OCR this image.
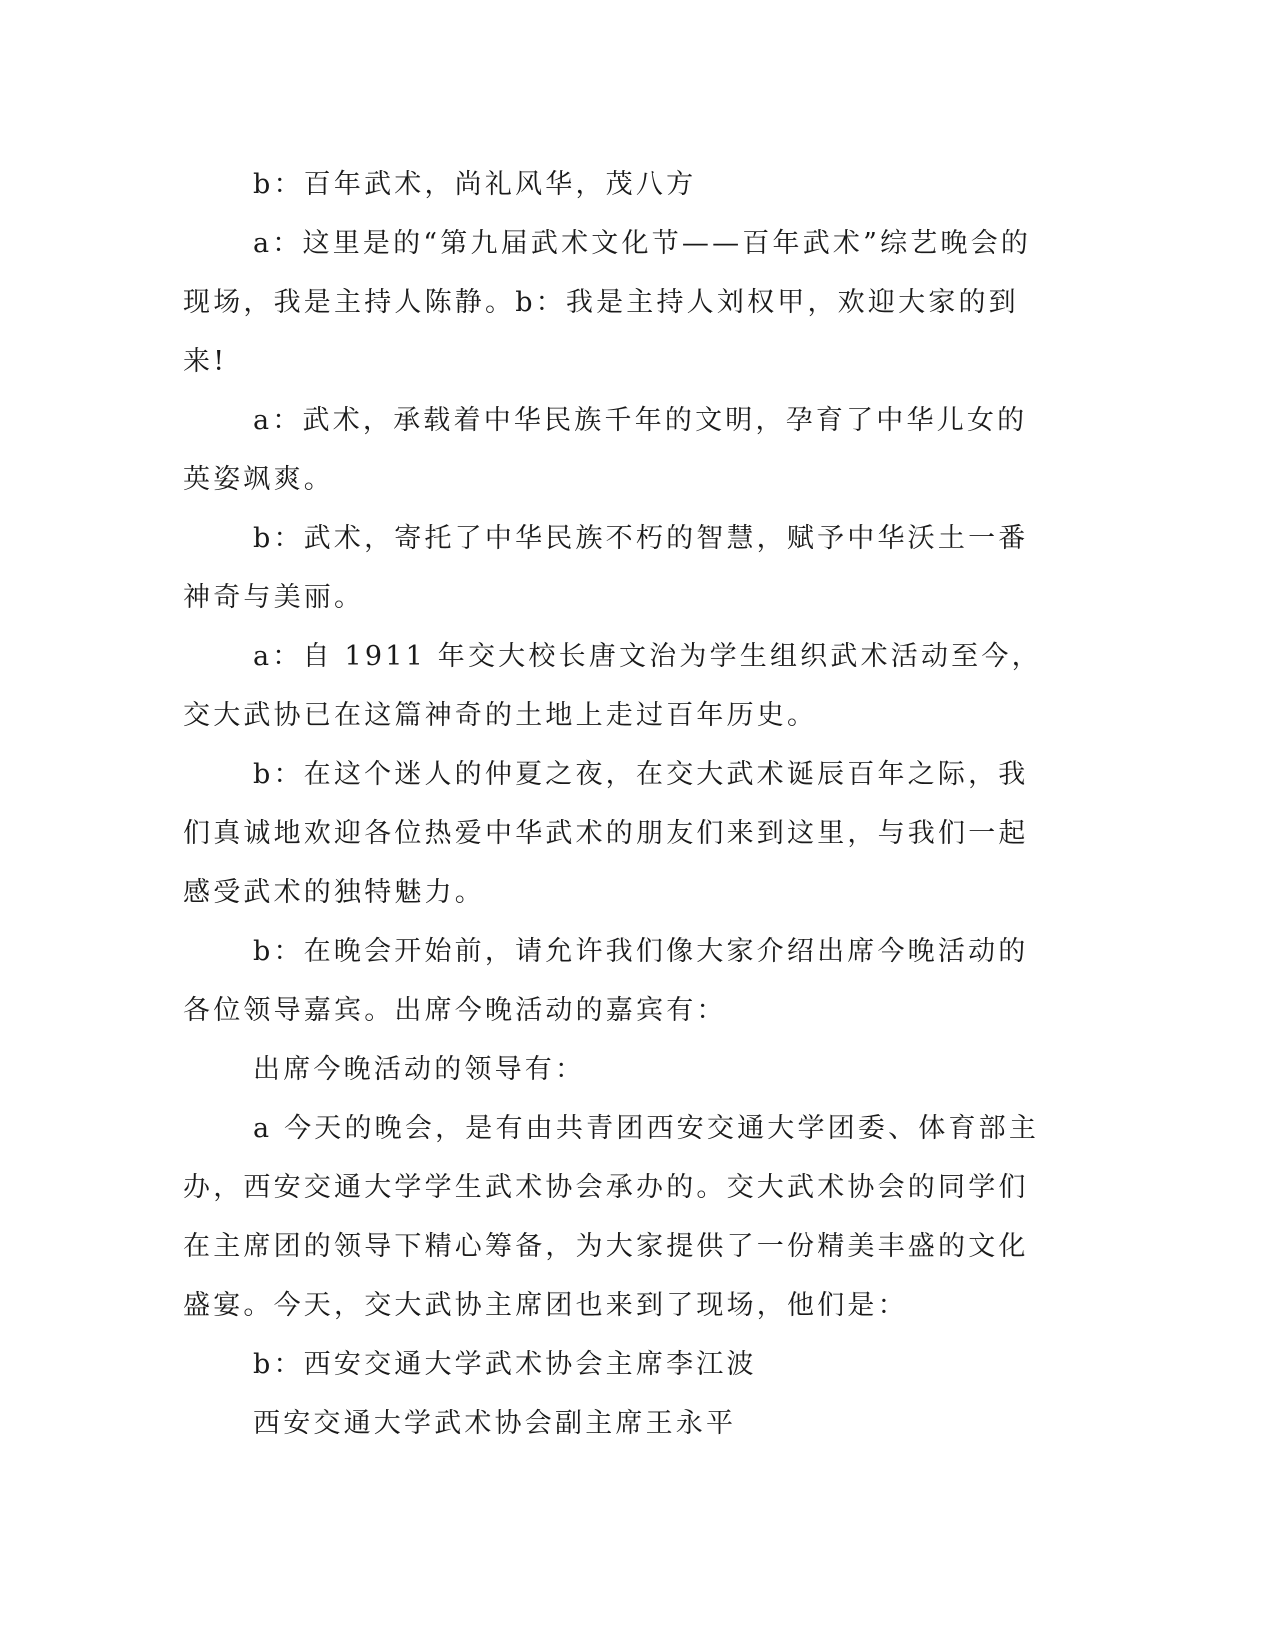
b：百年武术，尚礼风华，茂八方

a：这里是的“第九届武术文化节——百年武术”综艺晚会的现场，我是主持人陈静。b：我是主持人刘权甲，欢迎大家的到来!

a：武术，承载着中华民族千年的文明，孕育了中华儿女的英姿飒爽。

b：武术，寄托了中华民族不朽的智慧，赋予中华沃土一番神奇与美丽。

a：自 1911 年交大校长唐文治为学生组织武术活动至今，交大武协已在这篇神奇的土地上走过百年历史。

b：在这个迷人的仲夏之夜，在交大武术诞辰百年之际，我们真诚地欢迎各位热爱中华武术的朋友们来到这里，与我们一起感受武术的独特魅力。

b：在晚会开始前，请允许我们像大家介绍出席今晚活动的各位领导嘉宾。出席今晚活动的嘉宾有：

出席今晚活动的领导有：

a 今天的晚会，是有由共青团西安交通大学团委、体育部主办，西安交通大学学生武术协会承办的。交大武术协会的同学们在主席团的领导下精心筹备，为大家提供了一份精美丰盛的文化盛宴。今天，交大武协主席团也来到了现场，他们是：

b：西安交通大学武术协会主席李江波

西安交通大学武术协会副主席王永平
